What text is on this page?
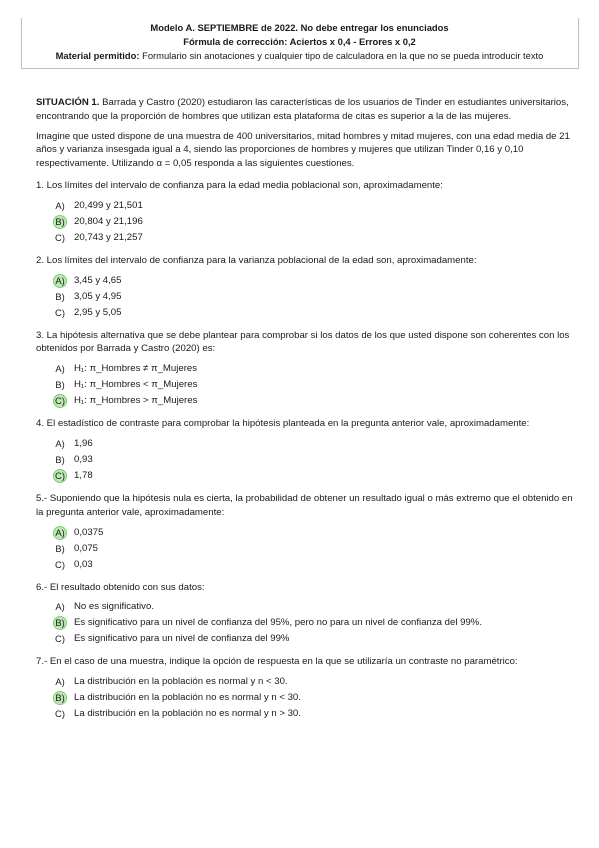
Modelo A. SEPTIEMBRE de 2022. No debe entregar los enunciados
Fórmula de corrección: Aciertos x 0,4 - Errores x 0,2
Material permitido: Formulario sin anotaciones y cualquier tipo de calculadora en la que no se pueda introducir texto

SITUACIÓN 1. Barrada y Castro (2020) estudiaron las características de los usuarios de Tinder en estudiantes universitarios, encontrando que la proporción de hombres que utilizan esta plataforma de citas es superior a la de las mujeres.

Imagine que usted dispone de una muestra de 400 universitarios, mitad hombres y mitad mujeres, con una edad media de 21 años y varianza insesgada igual a 4, siendo las proporciones de hombres y mujeres que utilizan Tinder 0,16 y 0,10 respectivamente. Utilizando α = 0,05 responda a las siguientes cuestiones.

1. Los límites del intervalo de confianza para la edad media poblacional son, aproximadamente:

A) 20,499 y 21,501
B) 20,804 y 21,196
C) 20,743 y 21,257

2. Los límites del intervalo de confianza para la varianza poblacional de la edad son, aproximadamente:

A) 3,45 y 4,65
B) 3,05 y 4,95
C) 2,95 y 5,05

3. La hipótesis alternativa que se debe plantear para comprobar si los datos de los que usted dispone son coherentes con los obtenidos por Barrada y Castro (2020) es:

A) H₁: π_Hombres ≠ π_Mujeres
B) H₁: π_Hombres < π_Mujeres
C) H₁: π_Hombres > π_Mujeres

4. El estadístico de contraste para comprobar la hipótesis planteada en la pregunta anterior vale, aproximadamente:

A) 1,96
B) 0,93
C) 1,78

5.- Suponiendo que la hipótesis nula es cierta, la probabilidad de obtener un resultado igual o más extremo que el obtenido en la pregunta anterior vale, aproximadamente:

A) 0,0375
B) 0,075
C) 0,03

6.- El resultado obtenido con sus datos:

A) No es significativo.
B) Es significativo para un nivel de confianza del 95%, pero no para un nivel de confianza del 99%.
C) Es significativo para un nivel de confianza del 99%

7.- En el caso de una muestra, indique la opción de respuesta en la que se utilizaría un contraste no paramétrico:

A) La distribución en la población es normal y n < 30.
B) La distribución en la población no es normal y n < 30.
C) La distribución en la población no es normal y n > 30.
